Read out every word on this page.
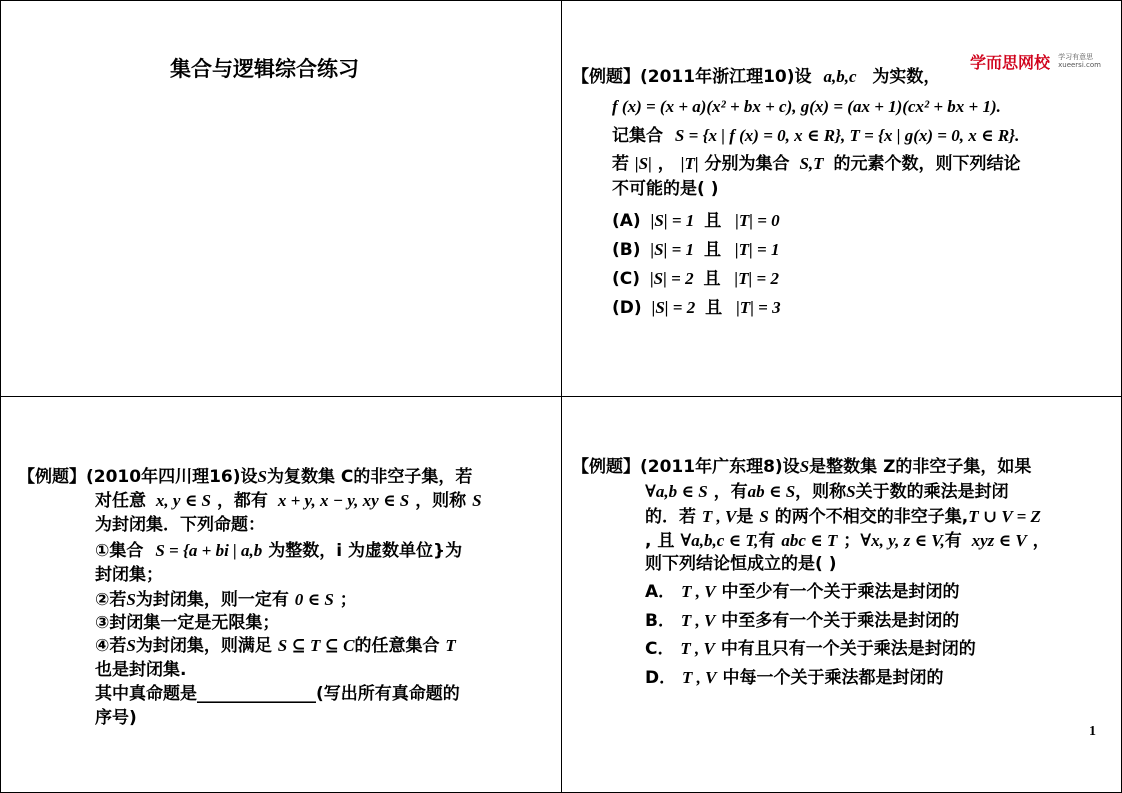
集合与逻辑综合练习	学而思网校 学习有意思
xueersi.com
【例题】(2011年浙江理10)设 a,b,c 为实数，
f (x) = (x + a)(x² + bx + c), g(x) = (ax + 1)(cx² + bx + 1).
记集合 S = {x | f (x) = 0, x ∈ R}, T = {x | g(x) = 0, x ∈ R}.
若 |S| ， |T| 分别为集合 S,T 的元素个数，则下列结论
不可能的是( )
(A) |S| = 1 且 |T| = 0
(B) |S| = 1 且 |T| = 1
(C) |S| = 2 且 |T| = 2
(D) |S| = 2 且 |T| = 3
【例题】(2010年四川理16)设S为复数集 C的非空子集，若
对任意 x, y ∈ S ，都有 x + y, x − y, xy ∈ S ，则称 S
为封闭集．下列命题：
①集合 S = {a + bi | a,b 为整数，i 为虚数单位}为
封闭集；
②若S为封闭集，则一定有 0 ∈ S ；
③封闭集一定是无限集；
④若S为封闭集，则满足 S ⊆ T ⊆ C的任意集合 T
也是封闭集.
其中真命题是______________(写出所有真命题的
序号)
【例题】(2011年广东理8)设S是整数集 Z的非空子集，如果
∀a,b ∈ S ，有ab ∈ S，则称S关于数的乘法是封闭
的．若 T , V是 S 的两个不相交的非空子集,T ∪ V = Z
, 且 ∀a,b,c ∈ T,有 abc ∈ T ；∀x, y, z ∈ V,有 xyz ∈ V ，
则下列结论恒成立的是( )
A． T , V 中至少有一个关于乘法是封闭的
B． T , V 中至多有一个关于乘法是封闭的
C． T , V 中有且只有一个关于乘法是封闭的
D． T , V 中每一个关于乘法都是封闭的
1
